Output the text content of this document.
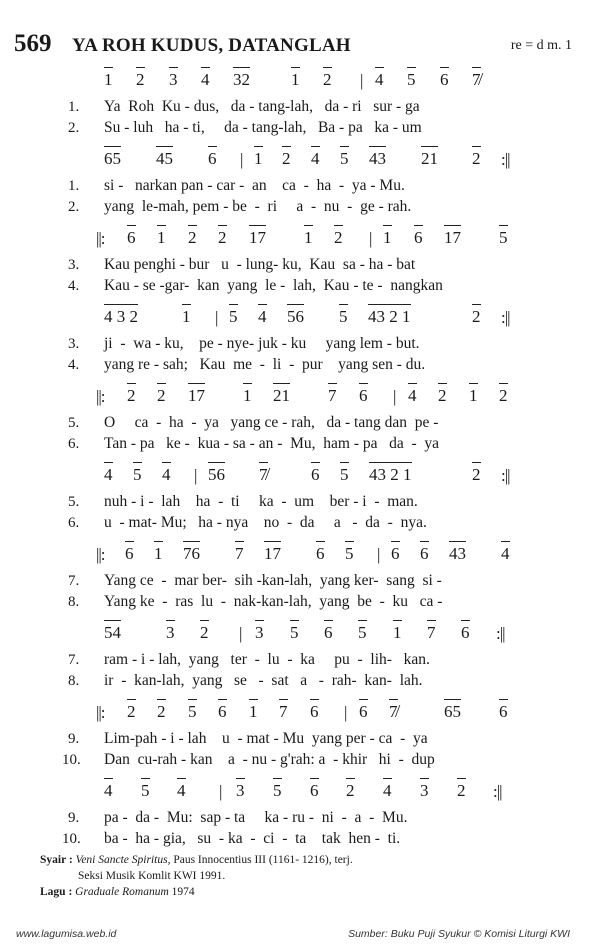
569 YA ROH KUDUS, DATANGLAH	re = d m. 1
1 2 3 4 32 1 2 | 4 5 6 7̸
1. Ya  Roh  Ku - dus,   da - tang-lah,   da - ri   sur - ga
2. Su - luh   ha - ti,     da - tang-lah,   Ba - pa   ka - um
65 45 6 | 1 2 4 5 43 21 2 :||
1. si -   narkan pan - car -  an    ca  -  ha  -  ya - Mu.
2. yang  le-mah, pem - be  -  ri     a  -  nu  -  ge - rah.
||: 6 1 2 2 17 1 2 | 1 6 17 5
3. Kau penghi - bur   u  - lung- ku,  Kau  sa - ha - bat
4. Kau - se -gar-  kan  yang  le -  lah,  Kau - te -  nangkan
4 3 2	1 | 5 4 56 5 43 2 1	2 :||
3. ji  -  wa - ku,    pe - nye- juk - ku     yang lem - but.
4. yang re - sah;   Kau  me  -  li  -  pur    yang sen - du.
||: 2 2 17 1 21 7 6 | 4 2 1 2
5. O     ca  -  ha  -  ya   yang ce - rah,   da - tang dan  pe -
6. Tan - pa   ke -  kua - sa - an -  Mu,  ham - pa   da  -  ya
4 5 4 | 56 7̸	6 5 43 2 1	2 :||
5. nuh - i -  lah    ha  -  ti     ka  -  um    ber - i  -  man.
6. u  - mat- Mu;   ha - nya    no  -  da     a   -  da  -  nya.
||: 6 1 76 7 17 6 5 | 6 6 43 4
7. Yang ce  -  mar ber-  sih -kan-lah,  yang ker-  sang  si -
8. Yang ke  -  ras  lu  -  nak-kan-lah,  yang  be  -  ku   ca -
54	3 2 | 3 5 6 5 1 7 6 :||
7. ram - i - lah,  yang   ter  -  lu  -  ka     pu  -  lih-   kan.
8. ir  -  kan-lah,  yang   se   -  sat   a   -  rah-  kan-  lah.
||: 2 2 5 6 1 7 6 | 6 7̸	65 6
9. Lim-pah - i - lah    u  - mat - Mu  yang per - ca  -  ya
10. Dan  cu-rah - kan    a  - nu - g'rah: a  - khir   hi  -  dup
4 5 4 | 3 5 6 2 4 3 2 :||
9. pa -  da -  Mu:  sap - ta     ka - ru -  ni  -  a  -  Mu.
10. ba -  ha - gia,   su  - ka  -  ci  -  ta    tak  hen -  ti.
Syair : Veni Sancte Spiritus, Paus Innocentius III (1161- 1216), terj.
Seksi Musik Komlit KWI 1991.
Lagu : Graduale Romanum 1974
www.lagumisa.web.id	Sumber: Buku Puji Syukur © Komisi Liturgi KWI
